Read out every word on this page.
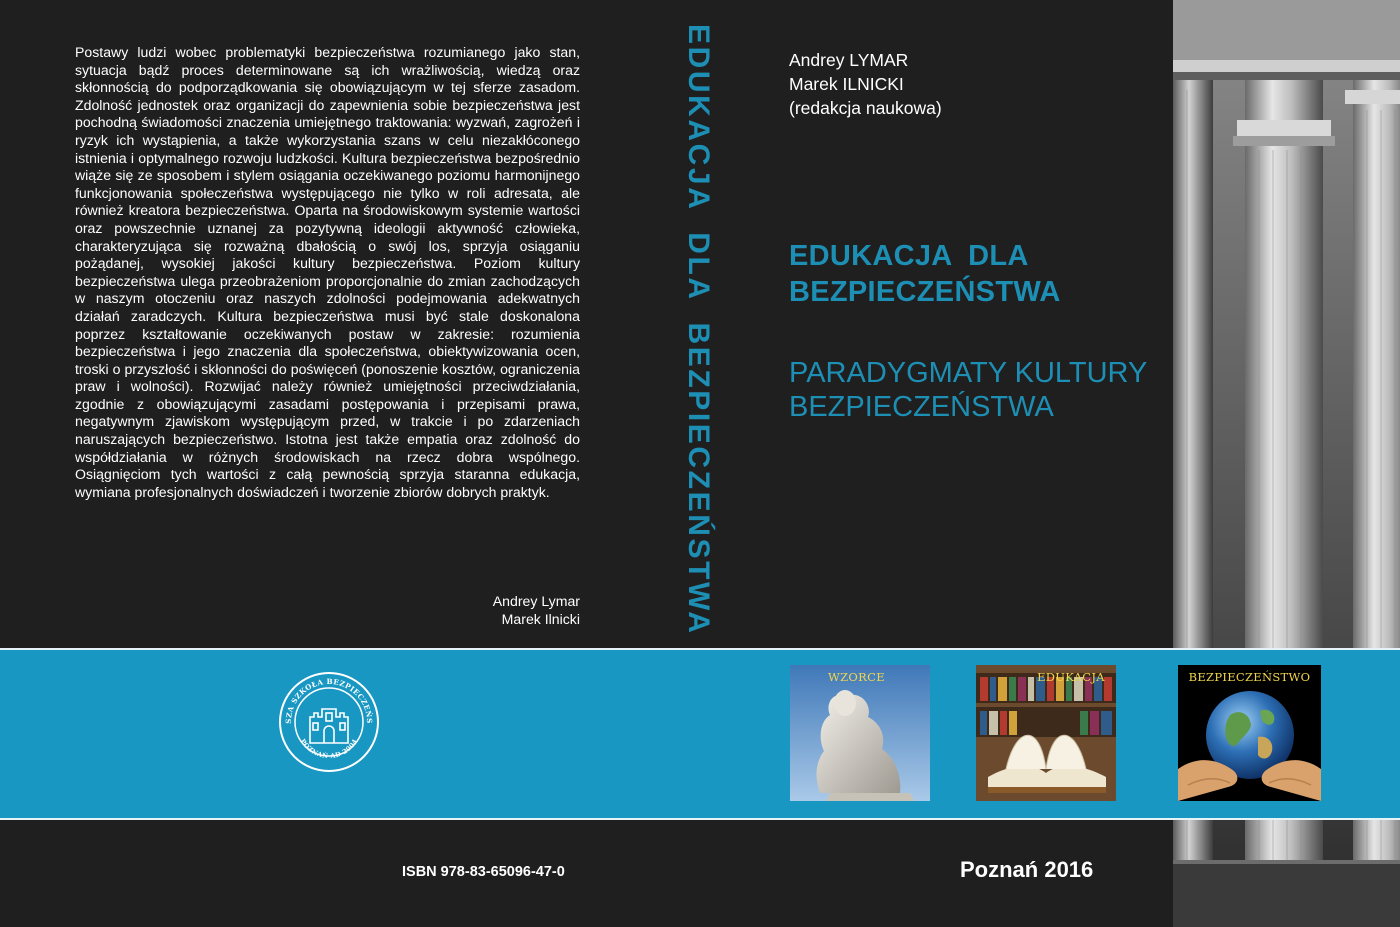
Postawy ludzi wobec problematyki bezpieczeństwa rozumianego jako stan, sytuacja bądź proces determinowane są ich wrażliwością, wiedzą oraz skłonnością do podporządkowania się obowiązującym w tej sferze zasadom. Zdolność jednostek oraz organizacji do zapewnienia sobie bezpieczeństwa jest pochodną świadomości znaczenia umiejętnego traktowania: wyzwań, zagrożeń i ryzyk ich wystąpienia, a także wykorzystania szans w celu niezakłóconego istnienia i optymalnego rozwoju ludzkości. Kultura bezpieczeństwa bezpośrednio wiąże się ze sposobem i stylem osiągania oczekiwanego poziomu harmonijnego funkcjonowania społeczeństwa występującego nie tylko w roli adresata, ale również kreatora bezpieczeństwa. Oparta na środowiskowym systemie wartości oraz powszechnie uznanej za pozytywną ideologii aktywność człowieka, charakteryzująca się rozważną dbałością o swój los, sprzyja osiąganiu pożądanej, wysokiej jakości kultury bezpieczeństwa. Poziom kultury bezpieczeństwa ulega przeobrażeniom proporcjonalnie do zmian zachodzących w naszym otoczeniu oraz naszych zdolności podejmowania adekwatnych działań zaradczych. Kultura bezpieczeństwa musi być stale doskonalona poprzez kształtowanie oczekiwanych postaw w zakresie: rozumienia bezpieczeństwa i jego znaczenia dla społeczeństwa, obiektywizowania ocen, troski o przyszłość i skłonności do poświęceń (ponoszenie kosztów, ograniczenia praw i wolności). Rozwijać należy również umiejętności przeciwdziałania, zgodnie z obowiązującymi zasadami postępowania i przepisami prawa, negatywnym zjawiskom występującym przed, w trakcie i po zdarzeniach naruszających bezpieczeństwo. Istotna jest także empatia oraz zdolność do współdziałania w różnych środowiskach na rzecz dobra wspólnego. Osiągnięciom tych wartości z całą pewnością sprzyja staranna edukacja, wymiana profesjonalnych doświadczeń i tworzenie zbiorów dobrych praktyk.
Andrey Lymar
Marek Ilnicki	EDUKACJA  DLA  BEZPIECZEŃSTWA	Andrey LYMAR
Marek ILNICKI
(redakcja naukowa)
EDUKACJA  DLA
BEZPIECZEŃSTWA
PARADYGMATY KULTURY
BEZPIECZEŃSTWA
SZA SZKOŁA BEZPIECZEŃS
POZNAŃ AD 2004
WZORCE	EDUKACJA	BEZPIECZEŃSTWO
ISBN 978-83-65096-47-0	Poznań 2016
